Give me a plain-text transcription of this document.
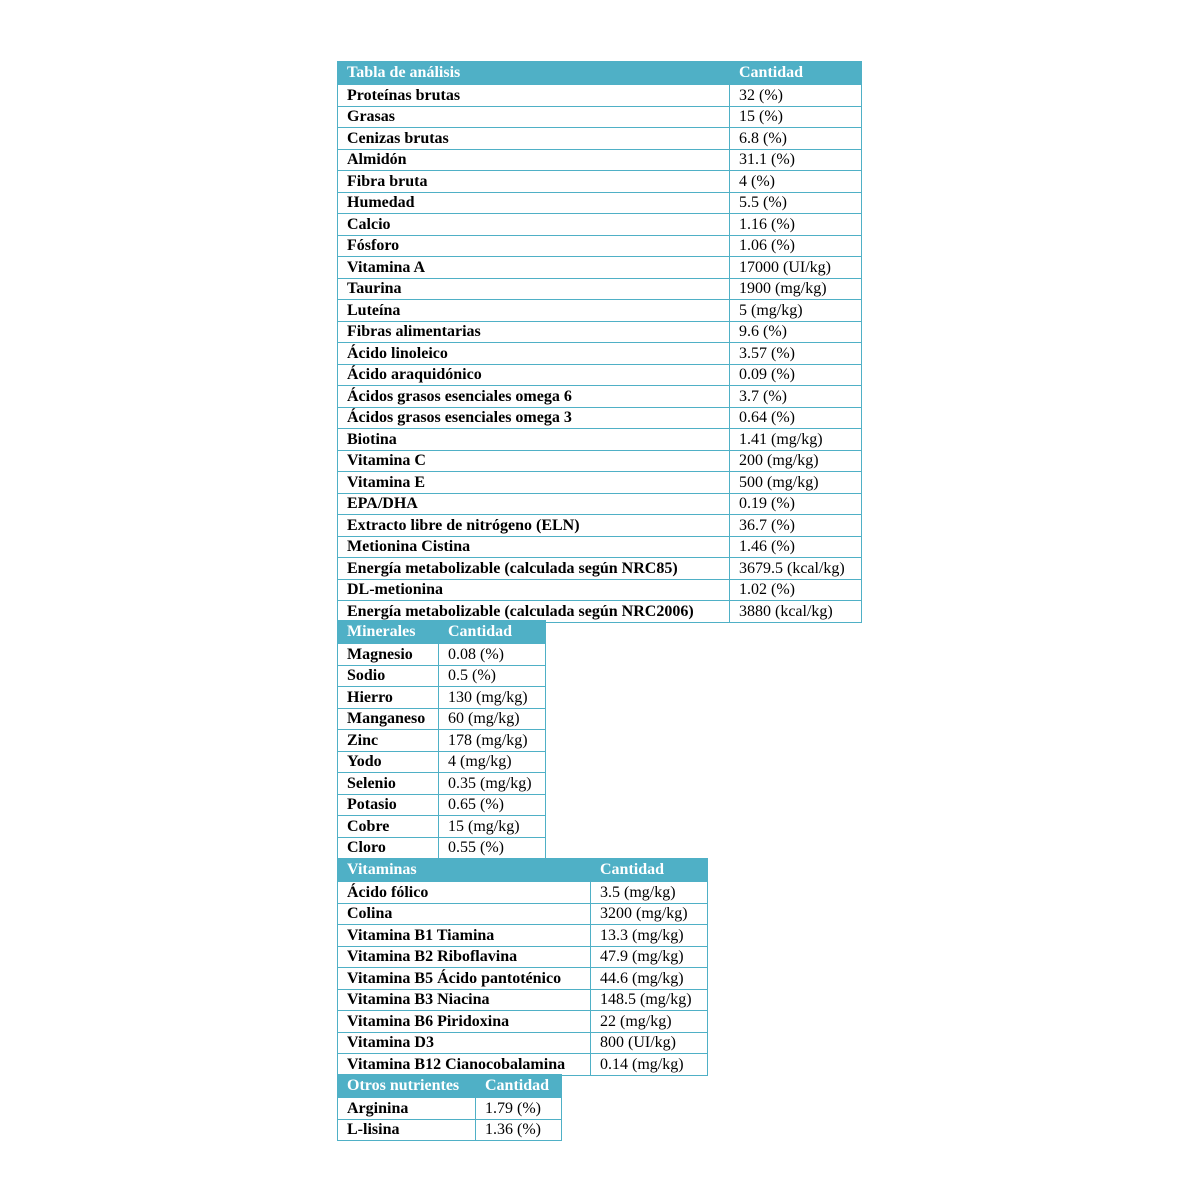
Tabla de análisis	Cantidad
Proteínas brutas	32 (%)
Grasas	15 (%)
Cenizas brutas	6.8 (%)
Almidón	31.1 (%)
Fibra bruta	4 (%)
Humedad	5.5 (%)
Calcio	1.16 (%)
Fósforo	1.06 (%)
Vitamina A	17000 (UI/kg)
Taurina	1900 (mg/kg)
Luteína	5 (mg/kg)
Fibras alimentarias	9.6 (%)
Ácido linoleico	3.57 (%)
Ácido araquidónico	0.09 (%)
Ácidos grasos esenciales omega 6	3.7 (%)
Ácidos grasos esenciales omega 3	0.64 (%)
Biotina	1.41 (mg/kg)
Vitamina C	200 (mg/kg)
Vitamina E	500 (mg/kg)
EPA/DHA	0.19 (%)
Extracto libre de nitrógeno (ELN)	36.7 (%)
Metionina Cistina	1.46 (%)
Energía metabolizable (calculada según NRC85)	3679.5 (kcal/kg)
DL-metionina	1.02 (%)
Energía metabolizable (calculada según NRC2006)	3880 (kcal/kg)
Minerales	Cantidad
Magnesio	0.08 (%)
Sodio	0.5 (%)
Hierro	130 (mg/kg)
Manganeso	60 (mg/kg)
Zinc	178 (mg/kg)
Yodo	4 (mg/kg)
Selenio	0.35 (mg/kg)
Potasio	0.65 (%)
Cobre	15 (mg/kg)
Cloro	0.55 (%)
Vitaminas	Cantidad
Ácido fólico	3.5 (mg/kg)
Colina	3200 (mg/kg)
Vitamina B1 Tiamina	13.3 (mg/kg)
Vitamina B2 Riboflavina	47.9 (mg/kg)
Vitamina B5 Ácido pantoténico	44.6 (mg/kg)
Vitamina B3 Niacina	148.5 (mg/kg)
Vitamina B6 Piridoxina	22 (mg/kg)
Vitamina D3	800 (UI/kg)
Vitamina B12 Cianocobalamina	0.14 (mg/kg)
Otros nutrientes	Cantidad
Arginina	1.79 (%)
L-lisina	1.36 (%)
